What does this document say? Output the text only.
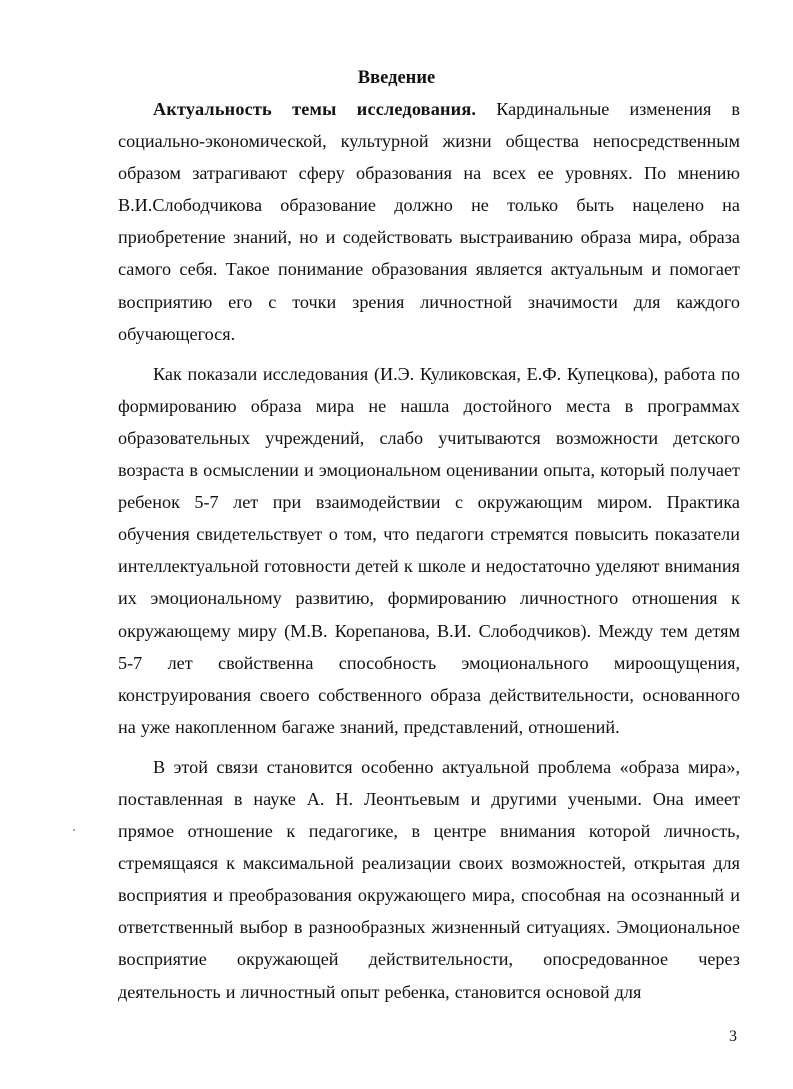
Введение

Актуальность темы исследования. Кардинальные изменения в социально-экономической, культурной жизни общества непосредственным образом затрагивают сферу образования на всех ее уровнях. По мнению В.И.Слободчикова образование должно не только быть нацелено на приобретение знаний, но и содействовать выстраиванию образа мира, образа самого себя. Такое понимание образования является актуальным и помогает восприятию его с точки зрения личностной значимости для каждого обучающегося.

Как показали исследования (И.Э. Куликовская, Е.Ф. Купецкова), работа по формированию образа мира не нашла достойного места в программах образовательных учреждений, слабо учитываются возможности детского возраста в осмыслении и эмоциональном оценивании опыта, который получает ребенок 5-7 лет при взаимодействии с окружающим миром. Практика обучения свидетельствует о том, что педагоги стремятся повысить показатели интеллектуальной готовности детей к школе и недостаточно уделяют внимания их эмоциональному развитию, формированию личностного отношения к окружающему миру (М.В. Корепанова, В.И. Слободчиков). Между тем детям 5-7 лет свойственна способность эмоционального мироощущения, конструирования своего собственного образа действительности, основанного на уже накопленном багаже знаний, представлений, отношений.

В этой связи становится особенно актуальной проблема «образа мира», поставленная в науке А. Н. Леонтьевым и другими учеными. Она имеет прямое отношение к педагогике, в центре внимания которой личность, стремящаяся к максимальной реализации своих возможностей, открытая для восприятия и преобразования окружающего мира, способная на осознанный и ответственный выбор в разнообразных жизненный ситуациях. Эмоциональное восприятие окружающей действительности, опосредованное через деятельность и личностный опыт ребенка, становится основой для

3
